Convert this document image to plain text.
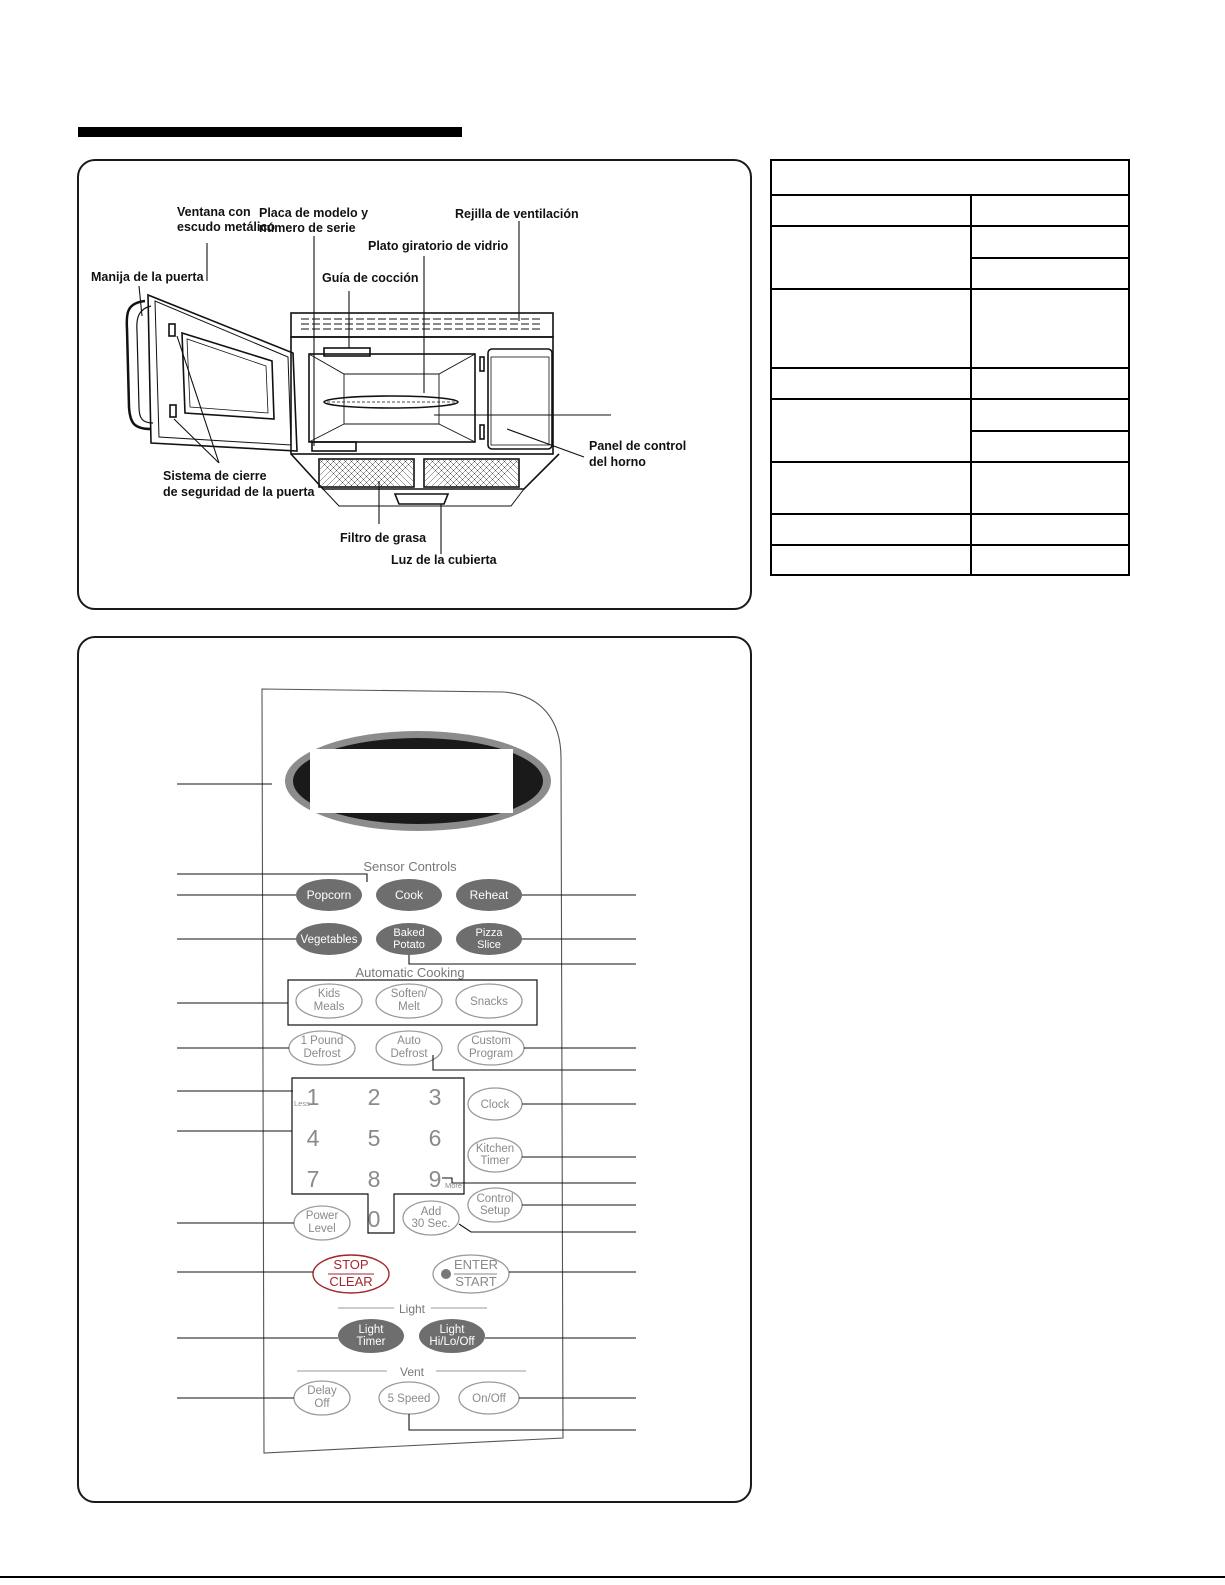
Manija de la puerta
Ventana con
escudo metálico
Placa de modelo y
número de serie
Rejilla de ventilación
Plato giratorio de vidrio
Guía de cocción
Panel de control
del horno
Sistema de cierre
de seguridad de la puerta
Filtro de grasa
Luz de la cubierta
Sensor Controls
Automatic Cooking
Light
Vent
Popcorn	Cook	Reheat
Vegetables
Baked
Potato
Pizza
Slice
Kids
Meals
Soften/
Melt	Snacks
1 Pound
Defrost
Auto
Defrost
Custom
Program
Clock
Kitchen
Timer
Control
Setup
Power
Level
Add
30 Sec.
Delay
Off	5 Speed	On/Off
ENTER
START
STOP
CLEAR
Light
Timer
Light
Hi/Lo/Off
1 2 3
4 5 6
7 8 9
0
Less
More
